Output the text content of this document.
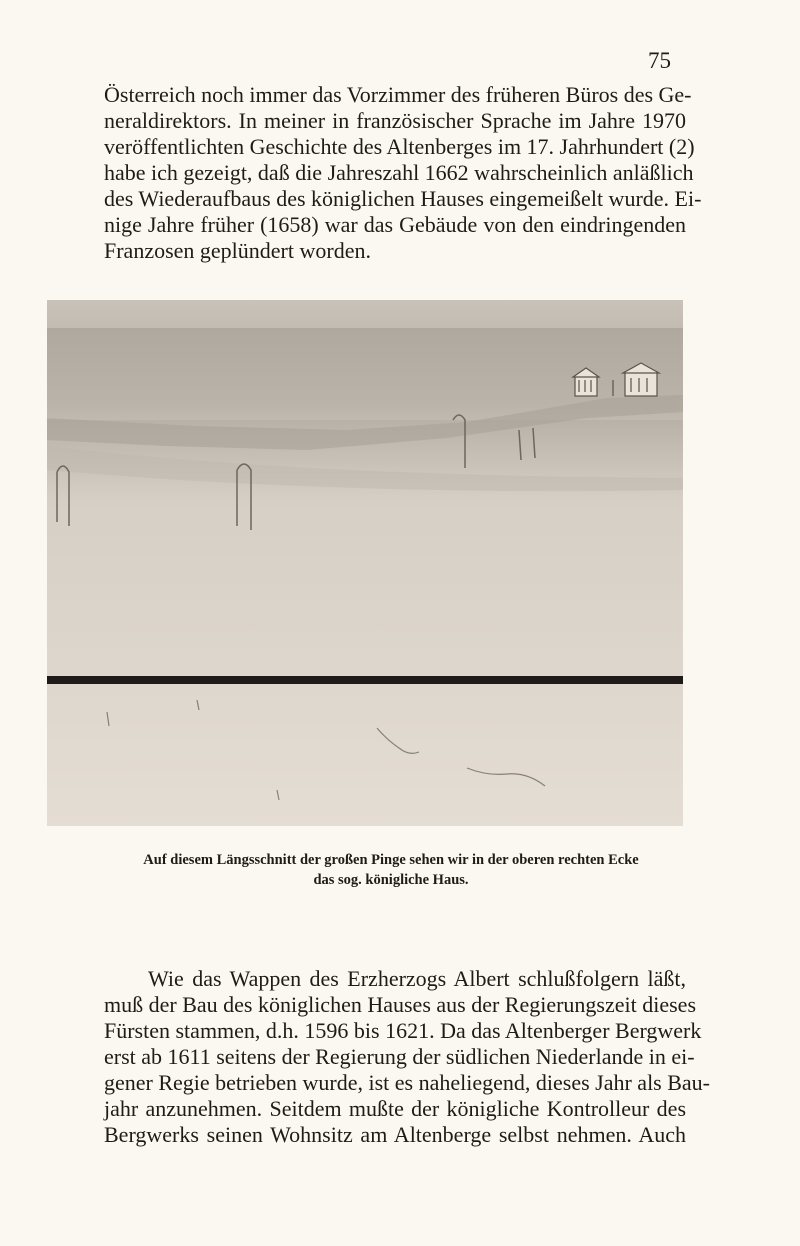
75

Österreich noch immer das Vorzimmer des früheren Büros des Ge-
neraldirektors. In meiner in französischer Sprache im Jahre 1970
veröffentlichten Geschichte des Altenberges im 17. Jahrhundert (2)
habe ich gezeigt, daß die Jahreszahl 1662 wahrscheinlich anläßlich
des Wiederaufbaus des königlichen Hauses eingemeißelt wurde. Ei-
nige Jahre früher (1658) war das Gebäude von den eindringenden
Franzosen geplündert worden.

Auf diesem Längsschnitt der großen Pinge sehen wir in der oberen rechten Ecke
das sog. königliche Haus.

Wie das Wappen des Erzherzogs Albert schlußfolgern läßt,
muß der Bau des königlichen Hauses aus der Regierungszeit dieses
Fürsten stammen, d.h. 1596 bis 1621. Da das Altenberger Bergwerk
erst ab 1611 seitens der Regierung der südlichen Niederlande in ei-
gener Regie betrieben wurde, ist es naheliegend, dieses Jahr als Bau-
jahr anzunehmen. Seitdem mußte der königliche Kontrolleur des
Bergwerks seinen Wohnsitz am Altenberge selbst nehmen. Auch
